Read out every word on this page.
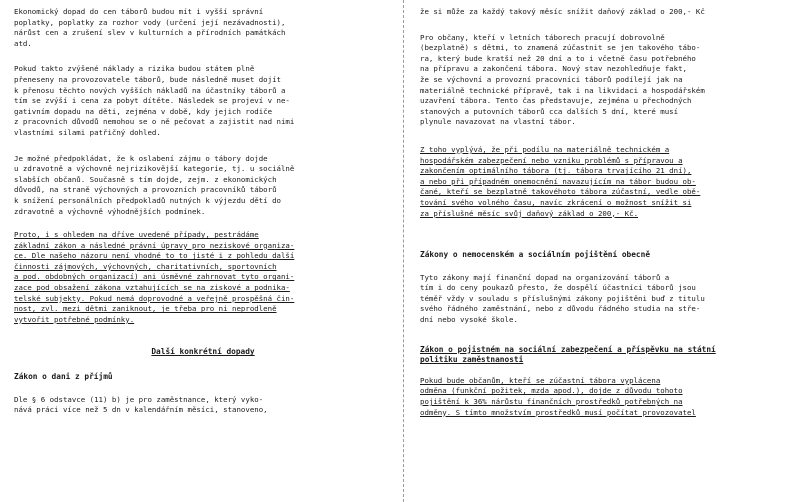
Ekonomický dopad do cen táborů budou mít i vyšší správní
poplatky, poplatky za rozhor vody (určení její nezávadnosti),
nárůst cen a zrušení slev v kulturních a přírodních památkách
atd.
Pokud takto zvýšené náklady a rizika budou státem plně
přeneseny na provozovatele táborů, bude následně muset dojít
k přenosu těchto nových vyšších nákladů na účastníky táborů a
tím se zvýší i cena za pobyt dítěte. Následek se projeví v ne-
gativním dopadu na děti, zejména v době, kdy jejich rodiče
z pracovních důvodů nemohou se o ně pečovat a zajistit nad nimi
vlastními silami patřičný dohled.
Je možné předpokládat, že k oslabení zájmu o tábory dojde
u zdravotně a výchovně nejrizikovější kategorie, tj. u sociálně
slabších občanů. Současně s tím dojde, zejm. z ekonomických
důvodů, na straně výchovných a provozních pracovníků táborů
k snížení personálních předpokladů nutných k výjezdu dětí do
zdravotně a výchovně výhodnějších podmínek.
Proto, i s ohledem na dříve uvedené případy, pestrádáme
základní zákon a následné právní úpravy pro neziskové organiza-
ce. Dle našeho názoru není vhodné to to jisté i z pohledu další
činnosti zájmových, výchovných, charitativních, sportovních
a pod. obdobných organizací) ani úsměvné zahrnovat tyto organi-
zace pod obsažení zákona vztahujících se na ziskové a podnika-
telské subjekty. Pokud nemá doprovodné a veřejně prospěšná čin-
nost, zvl. mezi dětmi zaniknout, je třeba pro ni neprodleně
vytvořit potřebné podmínky.
Další konkrétní dopady
Zákon o dani z příjmů
Dle § 6 odstavce (11) b) je pro zaměstnance, který vyko-
nává práci více než 5 dn v kalendářním měsíci, stanoveno,
že si může za každý takový měsíc snížit daňový základ o 200,- Kč
Pro občany, kteří v letních táborech pracují dobrovolně
(bezplatně) s dětmi, to znamená zúčastnit se jen takového tábo-
ra, který bude kratší než 20 dní a to i včetně času potřebného
na přípravu a zakončení tábora. Nový stav nezohledňuje fakt,
že se výchovní a provozní pracovníci táborů podílejí jak na
materiálně technické přípravě, tak i na likvidaci a hospodářském
uzavření tábora. Tento čas představuje, zejména u přechodných
stanových a putovních táborů cca dalších 5 dní, které musí
plynule navazovat na vlastní tábor.
Z toho vyplývá, že při podílu na materiálně technickém a
hospodářském zabezpečení nebo vzniku problémů s přípravou a
zakončením optimálního tábora (tj. tábora trvajícího 21 dní),
a nebo při případném onemocnění navazujícím na tábor budou ob-
čané, kteří se bezplatně takovéhoto tábora zúčastní, vedle obě-
tování svého volného času, navíc zkrácení o možnost snížit si
za příslušné měsíc svůj daňový základ o 200,- Kč.
Zákony o nemocenském a sociálním pojištění obecně
Tyto zákony mají finanční dopad na organizování táborů a
tím i do ceny poukazů přesto, že dospělí účastníci táborů jsou
téměř vždy v souladu s příslušnými zákony pojištěni buď z titulu
svého řádného zaměstnání, nebo z důvodu řádného studia na stře-
dní nebo vysoké škole.
Zákon o pojistném na sociální zabezpečení a příspěvku na státní
politiku zaměstnanosti
Pokud bude občanům, kteří se zúčastní tábora vyplácena
odměna (funkční požitek, mzda apod.), dojde z důvodu tohoto
pojištění k 36% nárůstu finančních prostředků potřebných na
odměny. S tímto množstvím prostředků musí počítat provozovatel
